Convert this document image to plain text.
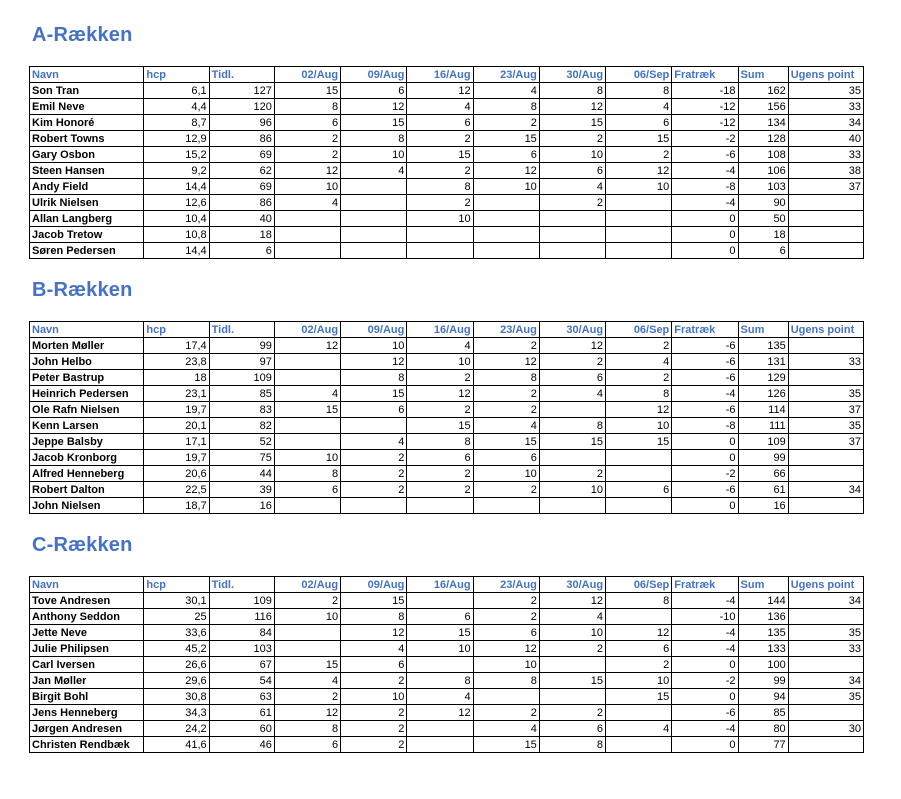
A-Rækken
Navn	hcp	Tidl.	02/Aug	09/Aug	16/Aug	23/Aug	30/Aug	06/Sep	Fratræk	Sum	Ugens point
Son Tran	6,1	127	15	6	12	4	8	8	-18	162	35
Emil Neve	4,4	120	8	12	4	8	12	4	-12	156	33
Kim Honoré	8,7	96	6	15	6	2	15	6	-12	134	34
Robert Towns	12,9	86	2	8	2	15	2	15	-2	128	40
Gary Osbon	15,2	69	2	10	15	6	10	2	-6	108	33
Steen Hansen	9,2	62	12	4	2	12	6	12	-4	106	38
Andy Field	14,4	69	10		8	10	4	10	-8	103	37
Ulrik Nielsen	12,6	86	4		2		2		-4	90	
Allan Langberg	10,4	40			10				0	50	
Jacob Tretow	10,8	18							0	18	
Søren Pedersen	14,4	6							0	6	
B-Rækken
Navn	hcp	Tidl.	02/Aug	09/Aug	16/Aug	23/Aug	30/Aug	06/Sep	Fratræk	Sum	Ugens point
Morten Møller	17,4	99	12	10	4	2	12	2	-6	135	
John Helbo	23,8	97		12	10	12	2	4	-6	131	33
Peter Bastrup	18	109		8	2	8	6	2	-6	129	
Heinrich Pedersen	23,1	85	4	15	12	2	4	8	-4	126	35
Ole Rafn Nielsen	19,7	83	15	6	2	2		12	-6	114	37
Kenn Larsen	20,1	82			15	4	8	10	-8	111	35
Jeppe Balsby	17,1	52		4	8	15	15	15	0	109	37
Jacob Kronborg	19,7	75	10	2	6	6			0	99	
Alfred Henneberg	20,6	44	8	2	2	10	2		-2	66	
Robert Dalton	22,5	39	6	2	2	2	10	6	-6	61	34
John Nielsen	18,7	16							0	16	
C-Rækken
Navn	hcp	Tidl.	02/Aug	09/Aug	16/Aug	23/Aug	30/Aug	06/Sep	Fratræk	Sum	Ugens point
Tove Andresen	30,1	109	2	15		2	12	8	-4	144	34
Anthony Seddon	25	116	10	8	6	2	4		-10	136	
Jette Neve	33,6	84		12	15	6	10	12	-4	135	35
Julie Philipsen	45,2	103		4	10	12	2	6	-4	133	33
Carl Iversen	26,6	67	15	6		10		2	0	100	
Jan Møller	29,6	54	4	2	8	8	15	10	-2	99	34
Birgit Bohl	30,8	63	2	10	4			15	0	94	35
Jens Henneberg	34,3	61	12	2	12	2	2		-6	85	
Jørgen Andresen	24,2	60	8	2		4	6	4	-4	80	30
Christen Rendbæk	41,6	46	6	2		15	8		0	77	
